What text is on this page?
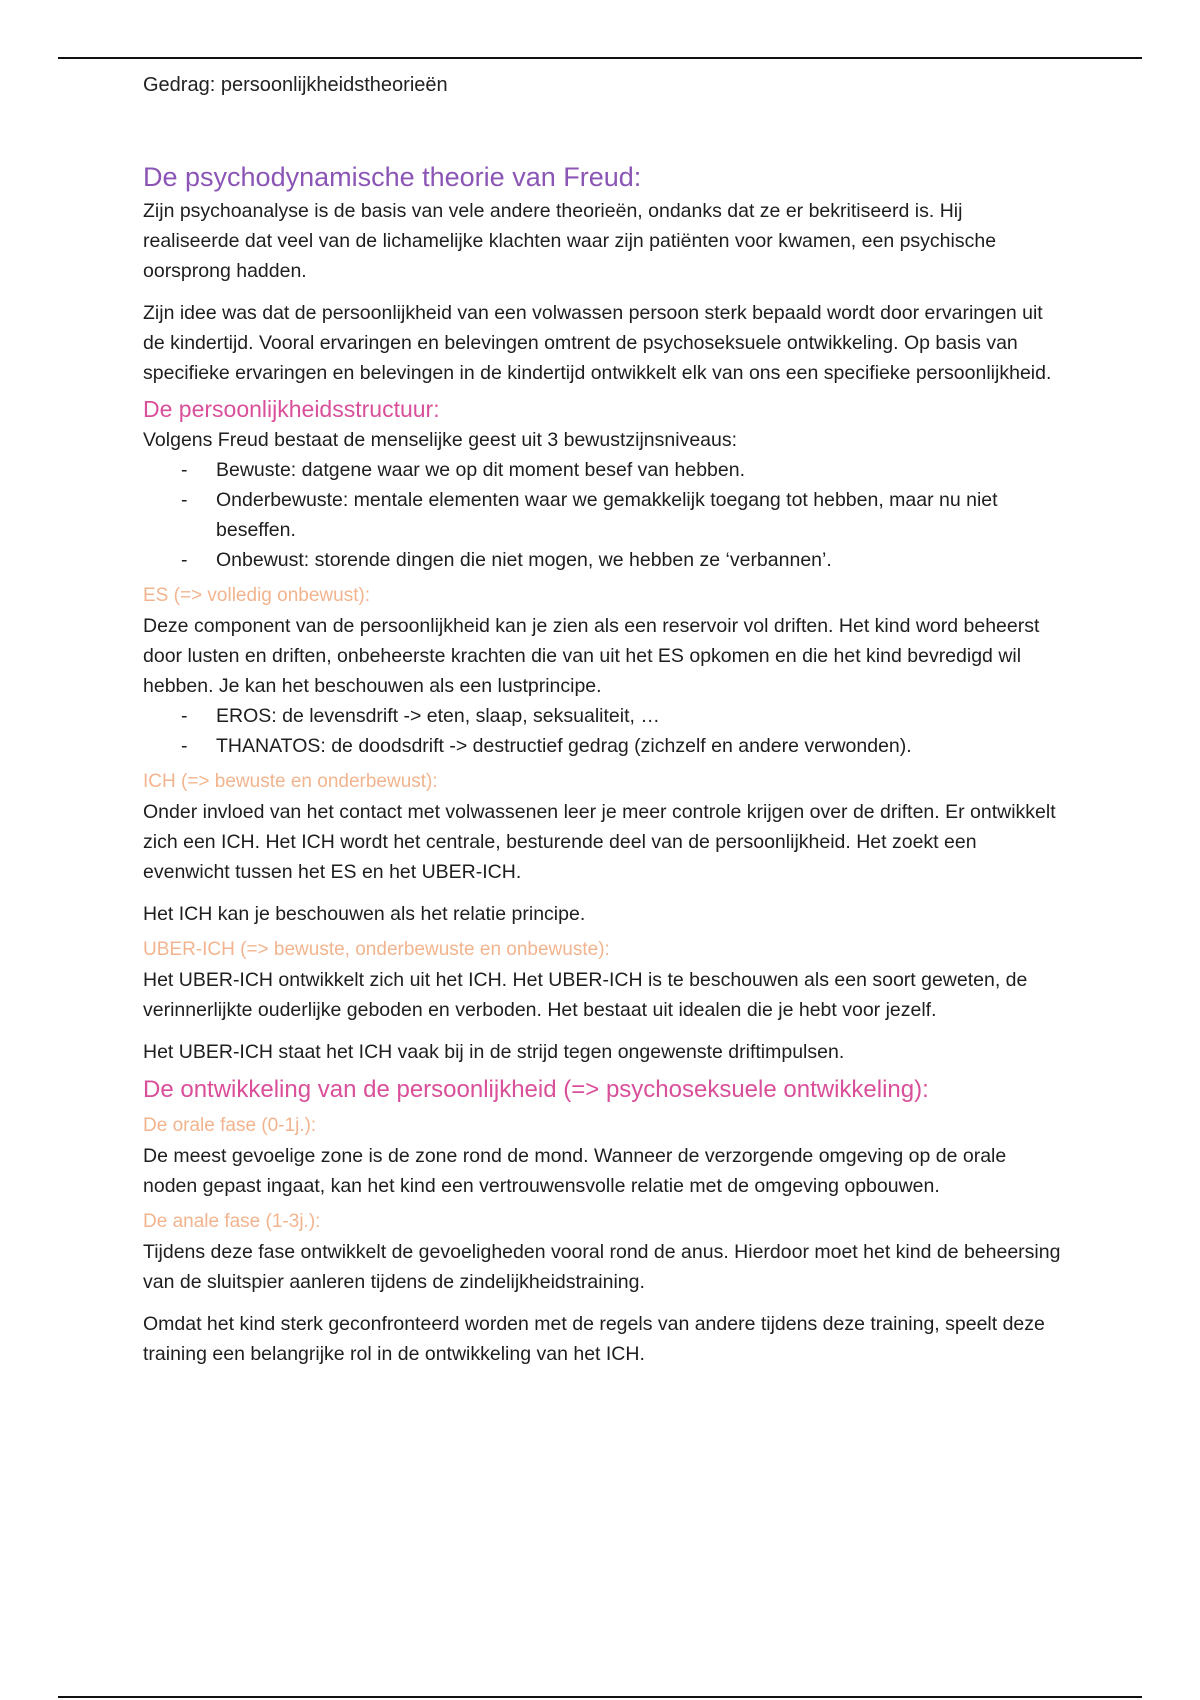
Gedrag: persoonlijkheidstheorieën

De psychodynamische theorie van Freud:

Zijn psychoanalyse is de basis van vele andere theorieën, ondanks dat ze er bekritiseerd is. Hij realiseerde dat veel van de lichamelijke klachten waar zijn patiënten voor kwamen, een psychische oorsprong hadden.

Zijn idee was dat de persoonlijkheid van een volwassen persoon sterk bepaald wordt door ervaringen uit de kindertijd. Vooral ervaringen en belevingen omtrent de psychoseksuele ontwikkeling. Op basis van specifieke ervaringen en belevingen in de kindertijd ontwikkelt elk van ons een specifieke persoonlijkheid.

De persoonlijkheidsstructuur:

Volgens Freud bestaat de menselijke geest uit 3 bewustzijnsniveaus:

- Bewuste: datgene waar we op dit moment besef van hebben.
- Onderbewuste: mentale elementen waar we gemakkelijk toegang tot hebben, maar nu niet beseffen.
- Onbewust: storende dingen die niet mogen, we hebben ze ‘verbannen’.
ES (=> volledig onbewust):

Deze component van de persoonlijkheid kan je zien als een reservoir vol driften. Het kind word beheerst door lusten en driften, onbeheerste krachten die van uit het ES opkomen en die het kind bevredigd wil hebben. Je kan het beschouwen als een lustprincipe.

- EROS: de levensdrift -> eten, slaap, seksualiteit, …
- THANATOS: de doodsdrift -> destructief gedrag (zichzelf en andere verwonden).
ICH (=> bewuste en onderbewust):

Onder invloed van het contact met volwassenen leer je meer controle krijgen over de driften. Er ontwikkelt zich een ICH. Het ICH wordt het centrale, besturende deel van de persoonlijkheid. Het zoekt een evenwicht tussen het ES en het UBER-ICH.

Het ICH kan je beschouwen als het relatie principe.

UBER-ICH (=> bewuste, onderbewuste en onbewuste):

Het UBER-ICH ontwikkelt zich uit het ICH. Het UBER-ICH is te beschouwen als een soort geweten, de verinnerlijkte ouderlijke geboden en verboden. Het bestaat uit idealen die je hebt voor jezelf.

Het UBER-ICH staat het ICH vaak bij in de strijd tegen ongewenste driftimpulsen.

De ontwikkeling van de persoonlijkheid (=> psychoseksuele ontwikkeling):
De orale fase (0-1j.):

De meest gevoelige zone is de zone rond de mond. Wanneer de verzorgende omgeving op de orale noden gepast ingaat, kan het kind een vertrouwensvolle relatie met de omgeving opbouwen.

De anale fase (1-3j.):

Tijdens deze fase ontwikkelt de gevoeligheden vooral rond de anus. Hierdoor moet het kind de beheersing van de sluitspier aanleren tijdens de zindelijkheidstraining.

Omdat het kind sterk geconfronteerd worden met de regels van andere tijdens deze training, speelt deze training een belangrijke rol in de ontwikkeling van het ICH.
